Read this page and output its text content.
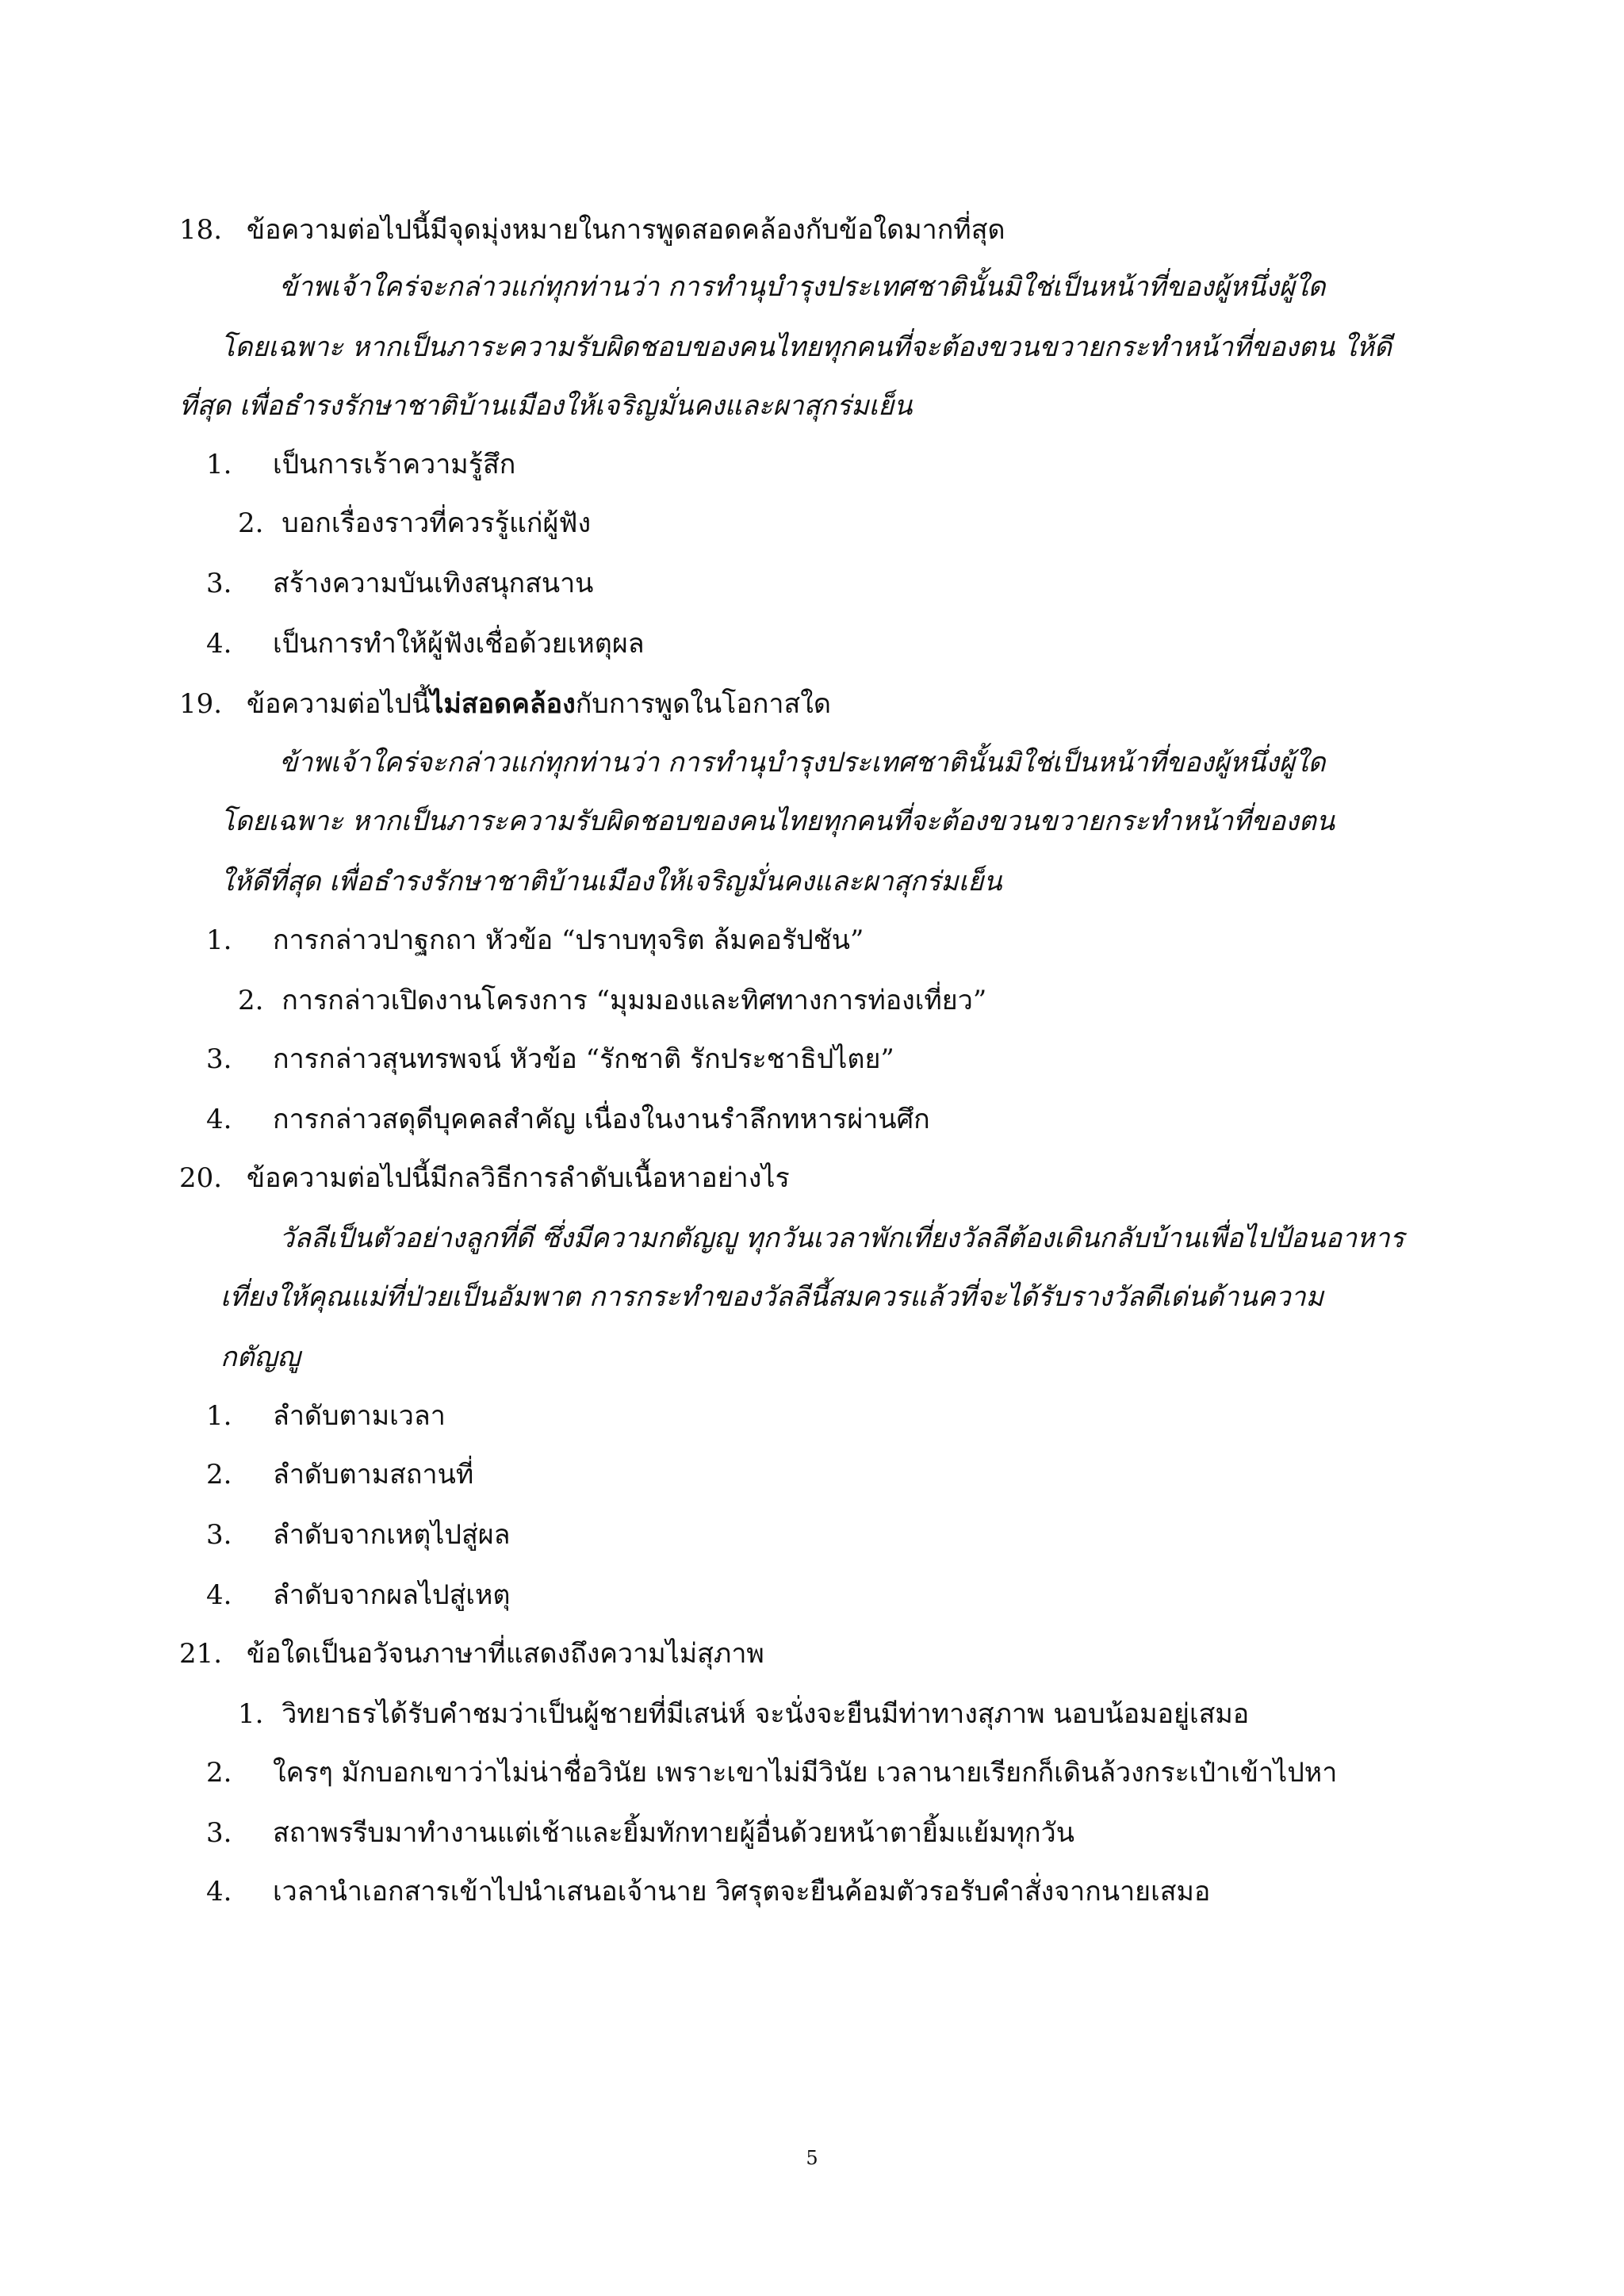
18. ข้อความต่อไปนี้มีจุดมุ่งหมายในการพูดสอดคล้องกับข้อใดมากที่สุด
ข้าพเจ้าใคร่จะกล่าวแก่ทุกท่านว่า การทำนุบำรุงประเทศชาตินั้นมิใช่เป็นหน้าที่ของผู้หนึ่งผู้ใด
โดยเฉพาะ หากเป็นภาระความรับผิดชอบของคนไทยทุกคนที่จะต้องขวนขวายกระทำหน้าที่ของตน ให้ดี
ที่สุด เพื่อธำรงรักษาชาติบ้านเมืองให้เจริญมั่นคงและผาสุกร่มเย็น
1. เป็นการเร้าความรู้สึก
2. บอกเรื่องราวที่ควรรู้แก่ผู้ฟัง
3. สร้างความบันเทิงสนุกสนาน
4. เป็นการทำให้ผู้ฟังเชื่อด้วยเหตุผล
19. ข้อความต่อไปนี้ไม่สอดคล้องกับการพูดในโอกาสใด
ข้าพเจ้าใคร่จะกล่าวแก่ทุกท่านว่า การทำนุบำรุงประเทศชาตินั้นมิใช่เป็นหน้าที่ของผู้หนึ่งผู้ใด
โดยเฉพาะ หากเป็นภาระความรับผิดชอบของคนไทยทุกคนที่จะต้องขวนขวายกระทำหน้าที่ของตน
ให้ดีที่สุด เพื่อธำรงรักษาชาติบ้านเมืองให้เจริญมั่นคงและผาสุกร่มเย็น
1. การกล่าวปาฐกถา หัวข้อ “ปราบทุจริต ล้มคอรัปชัน”
2. การกล่าวเปิดงานโครงการ “มุมมองและทิศทางการท่องเที่ยว”
3. การกล่าวสุนทรพจน์ หัวข้อ “รักชาติ รักประชาธิปไตย”
4. การกล่าวสดุดีบุคคลสำคัญ เนื่องในงานรำลึกทหารผ่านศึก
20. ข้อความต่อไปนี้มีกลวิธีการลำดับเนื้อหาอย่างไร
วัลลีเป็นตัวอย่างลูกที่ดี ซึ่งมีความกตัญญู ทุกวันเวลาพักเที่ยงวัลลีต้องเดินกลับบ้านเพื่อไปป้อนอาหาร
เที่ยงให้คุณแม่ที่ป่วยเป็นอัมพาต การกระทำของวัลลีนี้สมควรแล้วที่จะได้รับรางวัลดีเด่นด้านความ
กตัญญู
1. ลำดับตามเวลา
2. ลำดับตามสถานที่
3. ลำดับจากเหตุไปสู่ผล
4. ลำดับจากผลไปสู่เหตุ
21. ข้อใดเป็นอวัจนภาษาที่แสดงถึงความไม่สุภาพ
1. วิทยาธรได้รับคำชมว่าเป็นผู้ชายที่มีเสน่ห์ จะนั่งจะยืนมีท่าทางสุภาพ นอบน้อมอยู่เสมอ
2. ใครๆ มักบอกเขาว่าไม่น่าชื่อวินัย เพราะเขาไม่มีวินัย เวลานายเรียกก็เดินล้วงกระเป๋าเข้าไปหา
3. สถาพรรีบมาทำงานแต่เช้าและยิ้มทักทายผู้อื่นด้วยหน้าตายิ้มแย้มทุกวัน
4. เวลานำเอกสารเข้าไปนำเสนอเจ้านาย วิศรุตจะยืนค้อมตัวรอรับคำสั่งจากนายเสมอ
5
